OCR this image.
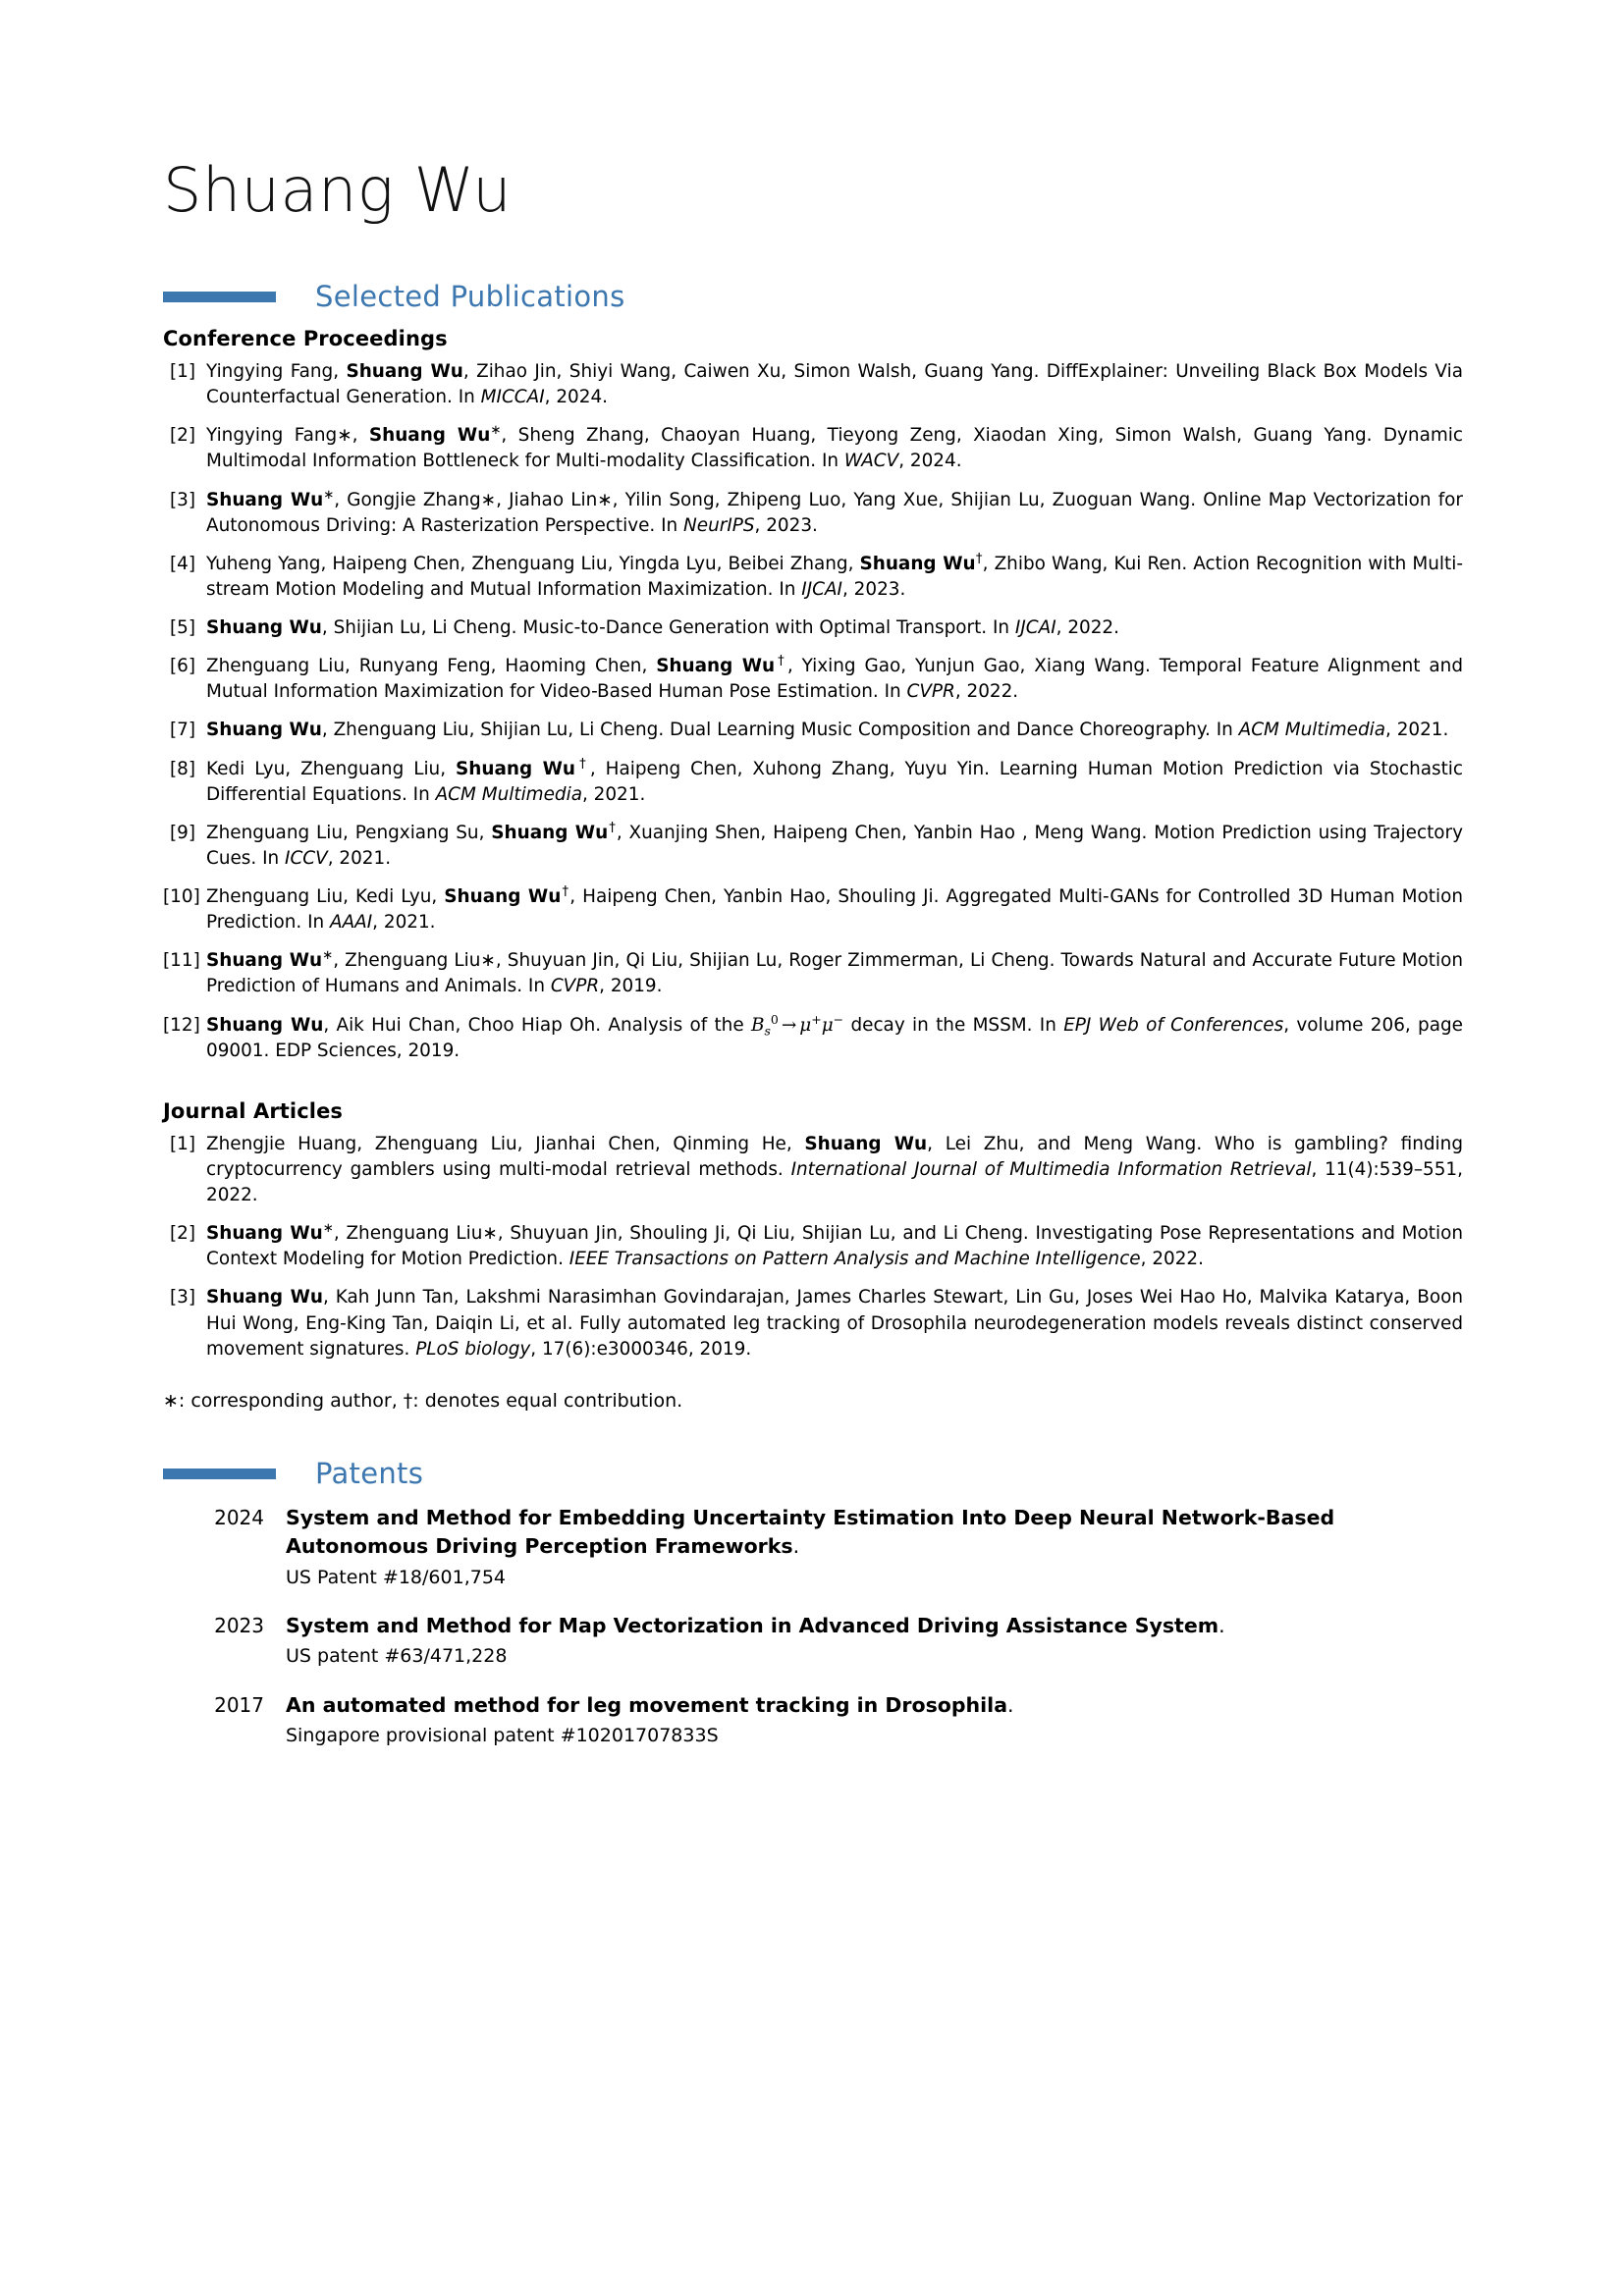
Shuang Wu
Selected Publications
Conference Proceedings
[1] Yingying Fang, Shuang Wu, Zihao Jin, Shiyi Wang, Caiwen Xu, Simon Walsh, Guang Yang. DiffExplainer: Unveiling Black Box Models Via Counterfactual Generation. In MICCAI, 2024.
[2] Yingying Fang∗, Shuang Wu∗, Sheng Zhang, Chaoyan Huang, Tieyong Zeng, Xiaodan Xing, Simon Walsh, Guang Yang. Dynamic Multimodal Information Bottleneck for Multi-modality Classification. In WACV, 2024.
[3] Shuang Wu∗, Gongjie Zhang∗, Jiahao Lin∗, Yilin Song, Zhipeng Luo, Yang Xue, Shijian Lu, Zuoguan Wang. Online Map Vectorization for Autonomous Driving: A Rasterization Perspective. In NeurIPS, 2023.
[4] Yuheng Yang, Haipeng Chen, Zhenguang Liu, Yingda Lyu, Beibei Zhang, Shuang Wu†, Zhibo Wang, Kui Ren. Action Recognition with Multi-stream Motion Modeling and Mutual Information Maximization. In IJCAI, 2023.
[5] Shuang Wu, Shijian Lu, Li Cheng. Music-to-Dance Generation with Optimal Transport. In IJCAI, 2022.
[6] Zhenguang Liu, Runyang Feng, Haoming Chen, Shuang Wu†, Yixing Gao, Yunjun Gao, Xiang Wang. Temporal Feature Alignment and Mutual Information Maximization for Video-Based Human Pose Estimation. In CVPR, 2022.
[7] Shuang Wu, Zhenguang Liu, Shijian Lu, Li Cheng. Dual Learning Music Composition and Dance Choreography. In ACM Multimedia, 2021.
[8] Kedi Lyu, Zhenguang Liu, Shuang Wu†, Haipeng Chen, Xuhong Zhang, Yuyu Yin. Learning Human Motion Prediction via Stochastic Differential Equations. In ACM Multimedia, 2021.
[9] Zhenguang Liu, Pengxiang Su, Shuang Wu†, Xuanjing Shen, Haipeng Chen, Yanbin Hao , Meng Wang. Motion Prediction using Trajectory Cues. In ICCV, 2021.
[10] Zhenguang Liu, Kedi Lyu, Shuang Wu†, Haipeng Chen, Yanbin Hao, Shouling Ji. Aggregated Multi-GANs for Controlled 3D Human Motion Prediction. In AAAI, 2021.
[11] Shuang Wu∗, Zhenguang Liu∗, Shuyuan Jin, Qi Liu, Shijian Lu, Roger Zimmerman, Li Cheng. Towards Natural and Accurate Future Motion Prediction of Humans and Animals. In CVPR, 2019.
[12] Shuang Wu, Aik Hui Chan, Choo Hiap Oh. Analysis of the $B_s^0 \to \mu^+\mu^-$ decay in the MSSM. In EPJ Web of Conferences, volume 206, page 09001. EDP Sciences, 2019.
Journal Articles
[1] Zhengjie Huang, Zhenguang Liu, Jianhai Chen, Qinming He, Shuang Wu, Lei Zhu, and Meng Wang. Who is gambling? finding cryptocurrency gamblers using multi-modal retrieval methods. International Journal of Multimedia Information Retrieval, 11(4):539–551, 2022.
[2] Shuang Wu∗, Zhenguang Liu∗, Shuyuan Jin, Shouling Ji, Qi Liu, Shijian Lu, and Li Cheng. Investigating Pose Representations and Motion Context Modeling for Motion Prediction. IEEE Transactions on Pattern Analysis and Machine Intelligence, 2022.
[3] Shuang Wu, Kah Junn Tan, Lakshmi Narasimhan Govindarajan, James Charles Stewart, Lin Gu, Joses Wei Hao Ho, Malvika Katarya, Boon Hui Wong, Eng-King Tan, Daiqin Li, et al. Fully automated leg tracking of Drosophila neurodegeneration models reveals distinct conserved movement signatures. PLoS biology, 17(6):e3000346, 2019.

∗: corresponding author, †: denotes equal contribution.

Patents
2024	System and Method for Embedding Uncertainty Estimation Into Deep Neural Network-Based Autonomous Driving Perception Frameworks.
US Patent #18/601,754
2023	System and Method for Map Vectorization in Advanced Driving Assistance System.
US patent #63/471,228
2017	An automated method for leg movement tracking in Drosophila.
Singapore provisional patent #10201707833S
